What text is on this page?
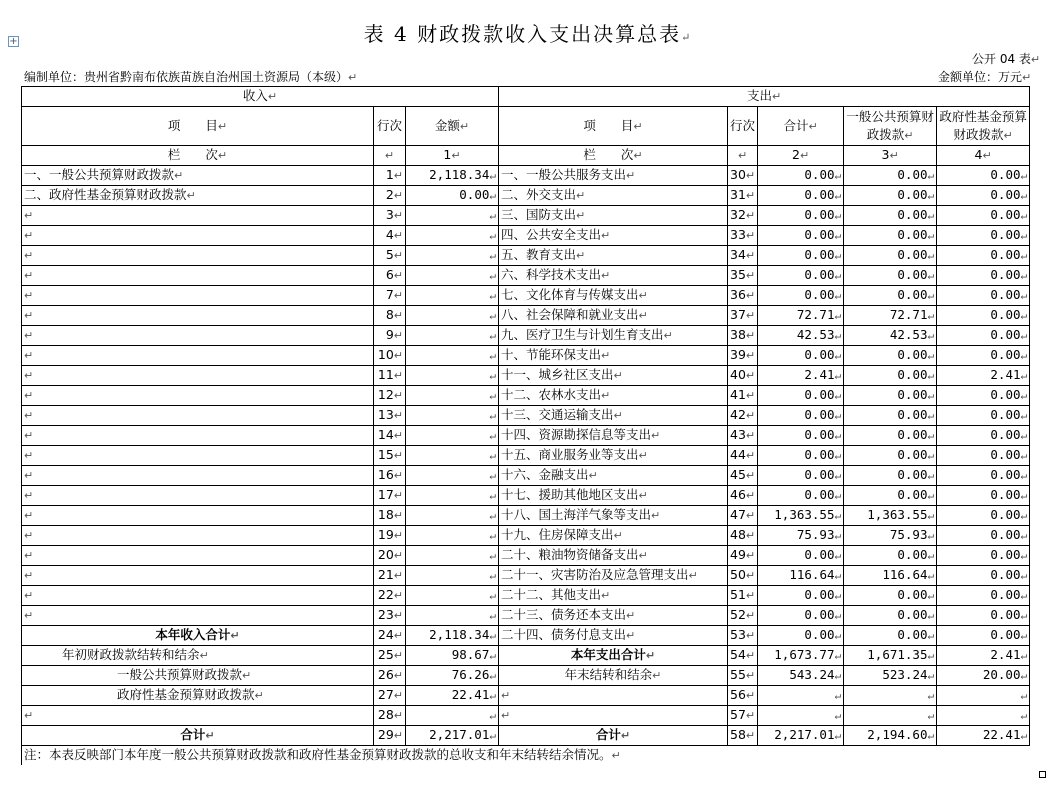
+	表 4 财政拨款收入支出决算总表↵
公开 04 表↵
编制单位：贵州省黔南布依族苗族自治州国土资源局（本级）↵	金额单位：万元↵
收入↵			支出↵				
项　　目↵	行次	金额↵	项　　目↵	行次	合计↵	一般公共预算财政拨款↵	政府性基金预算财政拨款↵
栏　　次↵	↵	1↵	栏　　次↵	↵	2↵	3↵	4↵
一、一般公共预算财政拨款↵	1↵	2,118.34↵	一、一般公共服务支出↵	30↵	0.00↵	0.00↵	0.00↵
二、政府性基金预算财政拨款↵	2↵	0.00↵	二、外交支出↵	31↵	0.00↵	0.00↵	0.00↵
↵	3↵	↵	三、国防支出↵	32↵	0.00↵	0.00↵	0.00↵
↵	4↵	↵	四、公共安全支出↵	33↵	0.00↵	0.00↵	0.00↵
↵	5↵	↵	五、教育支出↵	34↵	0.00↵	0.00↵	0.00↵
↵	6↵	↵	六、科学技术支出↵	35↵	0.00↵	0.00↵	0.00↵
↵	7↵	↵	七、文化体育与传媒支出↵	36↵	0.00↵	0.00↵	0.00↵
↵	8↵	↵	八、社会保障和就业支出↵	37↵	72.71↵	72.71↵	0.00↵
↵	9↵	↵	九、医疗卫生与计划生育支出↵	38↵	42.53↵	42.53↵	0.00↵
↵	10↵	↵	十、节能环保支出↵	39↵	0.00↵	0.00↵	0.00↵
↵	11↵	↵	十一、城乡社区支出↵	40↵	2.41↵	0.00↵	2.41↵
↵	12↵	↵	十二、农林水支出↵	41↵	0.00↵	0.00↵	0.00↵
↵	13↵	↵	十三、交通运输支出↵	42↵	0.00↵	0.00↵	0.00↵
↵	14↵	↵	十四、资源勘探信息等支出↵	43↵	0.00↵	0.00↵	0.00↵
↵	15↵	↵	十五、商业服务业等支出↵	44↵	0.00↵	0.00↵	0.00↵
↵	16↵	↵	十六、金融支出↵	45↵	0.00↵	0.00↵	0.00↵
↵	17↵	↵	十七、援助其他地区支出↵	46↵	0.00↵	0.00↵	0.00↵
↵	18↵	↵	十八、国土海洋气象等支出↵	47↵	1,363.55↵	1,363.55↵	0.00↵
↵	19↵	↵	十九、住房保障支出↵	48↵	75.93↵	75.93↵	0.00↵
↵	20↵	↵	二十、粮油物资储备支出↵	49↵	0.00↵	0.00↵	0.00↵
↵	21↵	↵	二十一、灾害防治及应急管理支出↵	50↵	116.64↵	116.64↵	0.00↵
↵	22↵	↵	二十二、其他支出↵	51↵	0.00↵	0.00↵	0.00↵
↵	23↵	↵	二十三、债务还本支出↵	52↵	0.00↵	0.00↵	0.00↵
本年收入合计↵	24↵	2,118.34↵	二十四、债务付息支出↵	53↵	0.00↵	0.00↵	0.00↵
年初财政拨款结转和结余↵	25↵	98.67↵	本年支出合计↵	54↵	1,673.77↵	1,671.35↵	2.41↵
一般公共预算财政拨款↵	26↵	76.26↵	年末结转和结余↵	55↵	543.24↵	523.24↵	20.00↵
政府性基金预算财政拨款↵	27↵	22.41↵	↵	56↵	↵	↵	↵
↵	28↵	↵	↵	57↵	↵	↵	↵
合计↵	29↵	2,217.01↵	合计↵	58↵	2,217.01↵	2,194.60↵	22.41↵
注：本表反映部门本年度一般公共预算财政拨款和政府性基金预算财政拨款的总收支和年末结转结余情况。↵							
